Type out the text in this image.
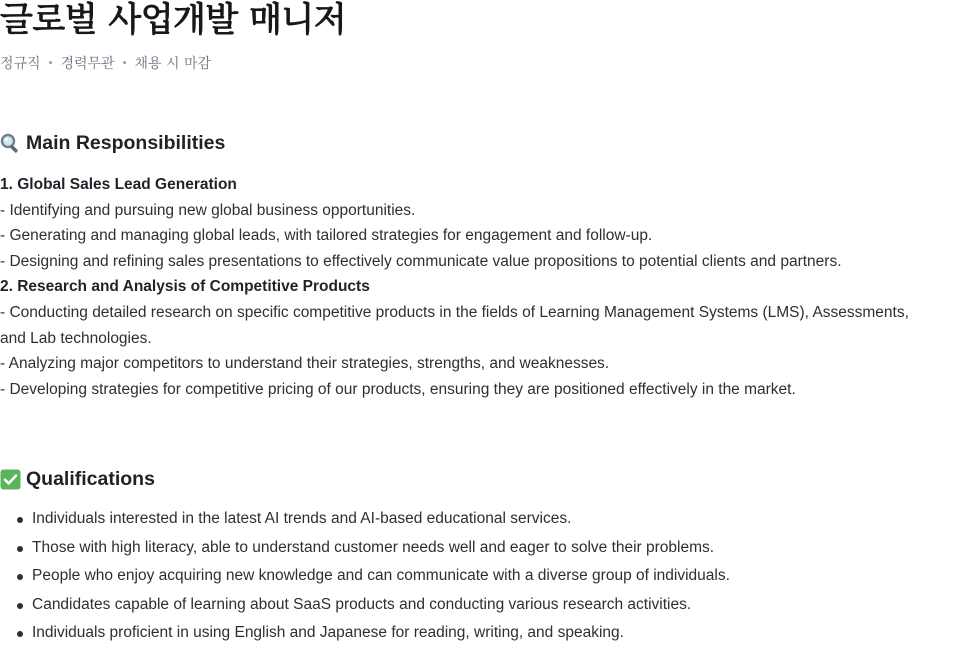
글로벌 사업개발 매니저
정규직 • 경력무관 • 채용 시 마감
Main Responsibilities

1. Global Sales Lead Generation

- Identifying and pursuing new global business opportunities.

- Generating and managing global leads, with tailored strategies for engagement and follow-up.

- Designing and refining sales presentations to effectively communicate value propositions to potential clients and partners.

2. Research and Analysis of Competitive Products

- Conducting detailed research on specific competitive products in the fields of Learning Management Systems (LMS), Assessments, and Lab technologies.

- Analyzing major competitors to understand their strategies, strengths, and weaknesses.

- Developing strategies for competitive pricing of our products, ensuring they are positioned effectively in the market.

Qualifications
Individuals interested in the latest AI trends and AI-based educational services.
Those with high literacy, able to understand customer needs well and eager to solve their problems.
People who enjoy acquiring new knowledge and can communicate with a diverse group of individuals.
Candidates capable of learning about SaaS products and conducting various research activities.
Individuals proficient in using English and Japanese for reading, writing, and speaking.
